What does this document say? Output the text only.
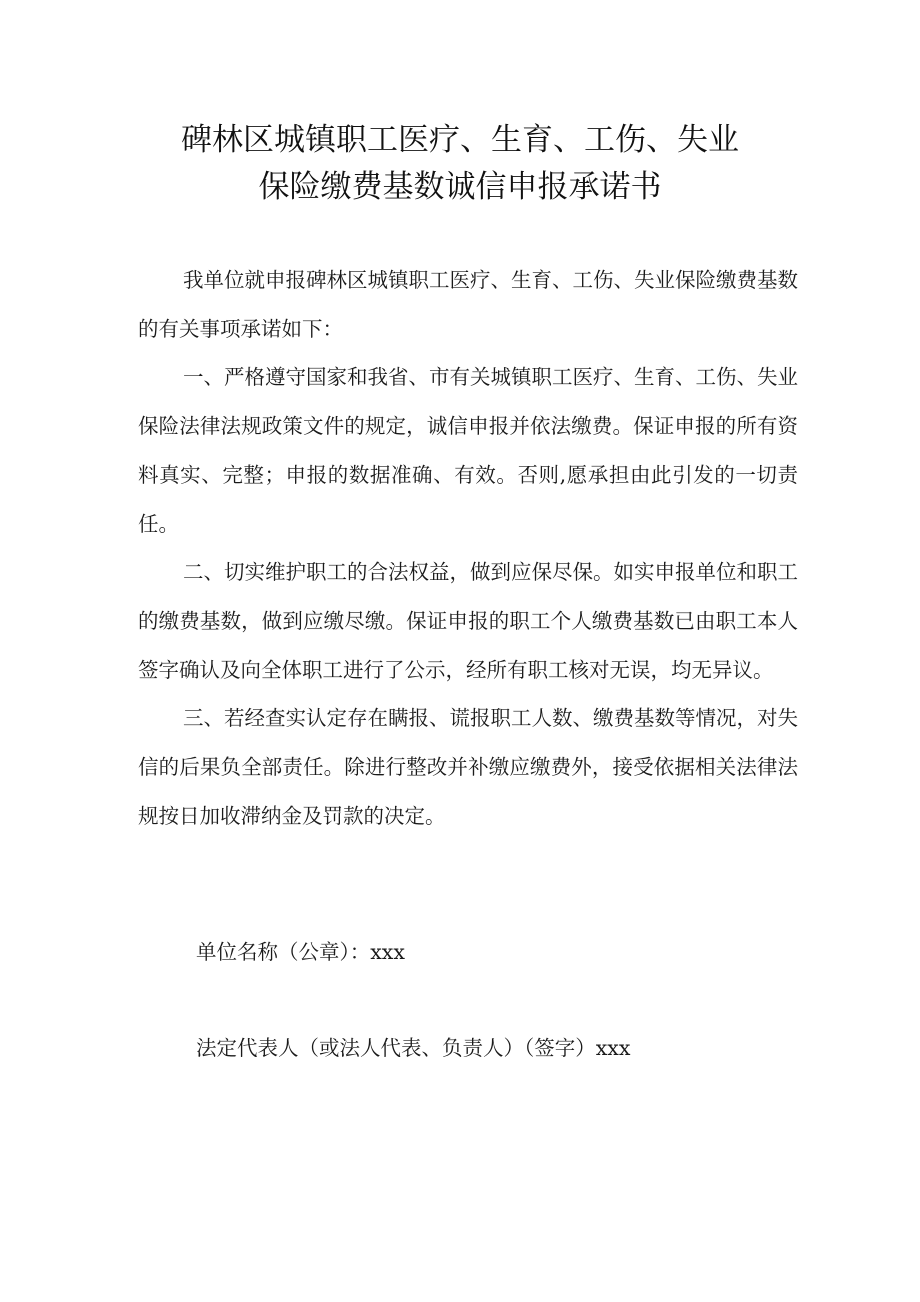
碑林区城镇职工医疗、生育、工伤、失业
保险缴费基数诚信申报承诺书

我单位就申报碑林区城镇职工医疗、生育、工伤、失业保险缴费基数的有关事项承诺如下：

一、严格遵守国家和我省、市有关城镇职工医疗、生育、工伤、失业保险法律法规政策文件的规定，诚信申报并依法缴费。保证申报的所有资料真实、完整；申报的数据准确、有效。否则,愿承担由此引发的一切责任。

二、切实维护职工的合法权益，做到应保尽保。如实申报单位和职工的缴费基数，做到应缴尽缴。保证申报的职工个人缴费基数已由职工本人签字确认及向全体职工进行了公示，经所有职工核对无误，均无异议。

三、若经查实认定存在瞒报、谎报职工人数、缴费基数等情况，对失信的后果负全部责任。除进行整改并补缴应缴费外，接受依据相关法律法规按日加收滞纳金及罚款的决定。

单位名称（公章）：xxx
法定代表人（或法人代表、负责人）（签字）xxx
